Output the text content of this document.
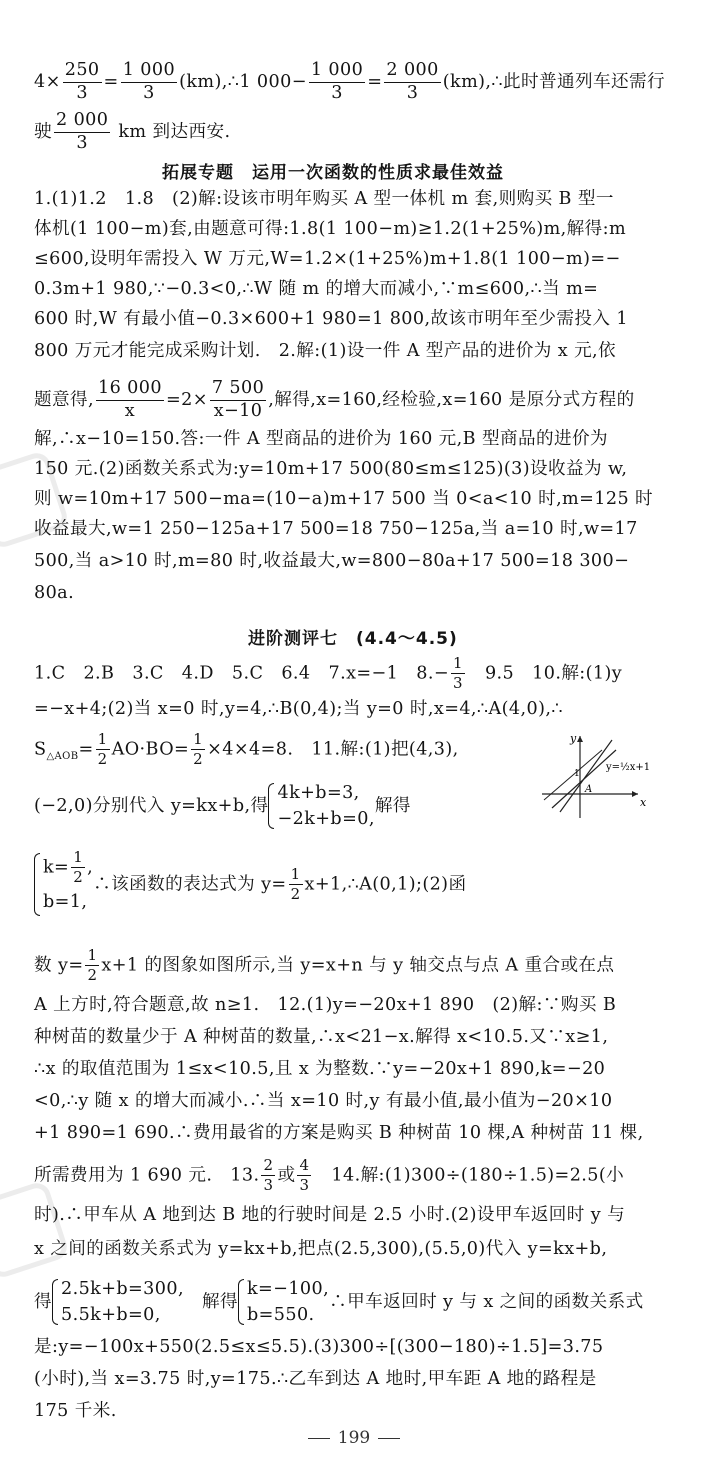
$4\times \frac{250}{3} = \frac{1 000}{3}$ (km),∴1 $000- \frac{1 000}{3} = \frac{2 000}{3}$ (km),∴此时普通列车还需行
驶 $\frac{2 000}{3}$ km 到达西安.
拓展专题　运用一次函数的性质求最佳效益
1.(1)1.2　1.8　(2)解:设该市明年购买 A 型一体机 m 套,则购买 B 型一
体机(1 100−m)套,由题意可得:1.8(1 100−m)≥1.2(1+25%)m,解得:m
≤600,设明年需投入 W 万元,W=1.2×(1+25%)m+1.8(1 100−m)=−
0.3m+1 980,∵−0.3<0,∴W 随 m 的增大而减小,∵m≤600,∴当 m=
600 时,W 有最小值−0.3×600+1 980=1 800,故该市明年至少需投入 1
800 万元才能完成采购计划.　2.解:(1)设一件 A 型产品的进价为 x 元,依
题意得, $\frac{16 000}{x} =2\times \frac{7 500}{x-10}$ ,解得,x=160,经检验,x=160 是原分式方程的
解,∴x−10=150.答:一件 A 型商品的进价为 160 元,B 型商品的进价为
150 元.(2)函数关系式为:y=10m+17 500(80≤m≤125)(3)设收益为 w,
则 w=10m+17 500−ma=(10−a)m+17 500 当 0<a<10 时,m=125 时
收益最大,w=1 250−125a+17 500=18 750−125a,当 a=10 时,w=17
500,当 a>10 时,m=80 时,收益最大,w=800−80a+17 500=18 300−
80a.
进阶测评七　(4.4～4.5)
1.C　2.B　3.C　4.D　5.C　6.4　7.x=−1　$8.- \frac{1}{3}$ 　9.5　10.解:(1)y
=−x+4;(2)当 x=0 时,y=4,∴B(0,4);当 y=0 时,x=4,∴A(4,0),∴
$S_{\triangle AOB}= \frac{1}{2} AO\cdot BO= \frac{1}{2} \times 4\times 4=8$.　11.解:(1)把(4,3),
y
x
y=½x+1
A
1
(−2,0)分别代入 y=kx+b,得
4k+b=3,
−2k+b=0,
解得
$k= \frac{1}{2}$ ,
b=1,
∴该函数的表达式为 $y= \frac{1}{2}$ x+1,∴A(0,1);(2)函
数 $y= \frac{1}{2} x+1$ 的图象如图所示,当 y=x+n 与 y 轴交点与点 A 重合或在点
A 上方时,符合题意,故 n≥1.　12.(1)y=−20x+1 890　(2)解:∵购买 B
种树苗的数量少于 A 种树苗的数量,∴x<21−x.解得 x<10.5.又∵x≥1,
∴x 的取值范围为 1≤x<10.5,且 x 为整数.∵y=−20x+1 890,k=−20
<0,∴y 随 x 的增大而减小.∴当 x=10 时,y 有最小值,最小值为−20×10
+1 890=1 690.∴费用最省的方案是购买 B 种树苗 10 棵,A 种树苗 11 棵,
所需费用为 1 690 元.　13. $\frac{2}{3}$ 或 $\frac{4}{3}$ 　14.解:(1)300÷(180÷1.5)=2.5(小
时).∴甲车从 A 地到达 B 地的行驶时间是 2.5 小时.(2)设甲车返回时 y 与
x 之间的函数关系式为 y=kx+b,把点(2.5,300),(5.5,0)代入 y=kx+b,
得
2.5k+b=300,
5.5k+b=0,
解得
k=−100,
b=550.
∴甲车返回时 y 与 x 之间的函数关系式
是:y=−100x+550(2.5≤x≤5.5).(3)300÷[(300−180)÷1.5]=3.75
(小时),当 x=3.75 时,y=175.∴乙车到达 A 地时,甲车距 A 地的路程是
175 千米.
199
